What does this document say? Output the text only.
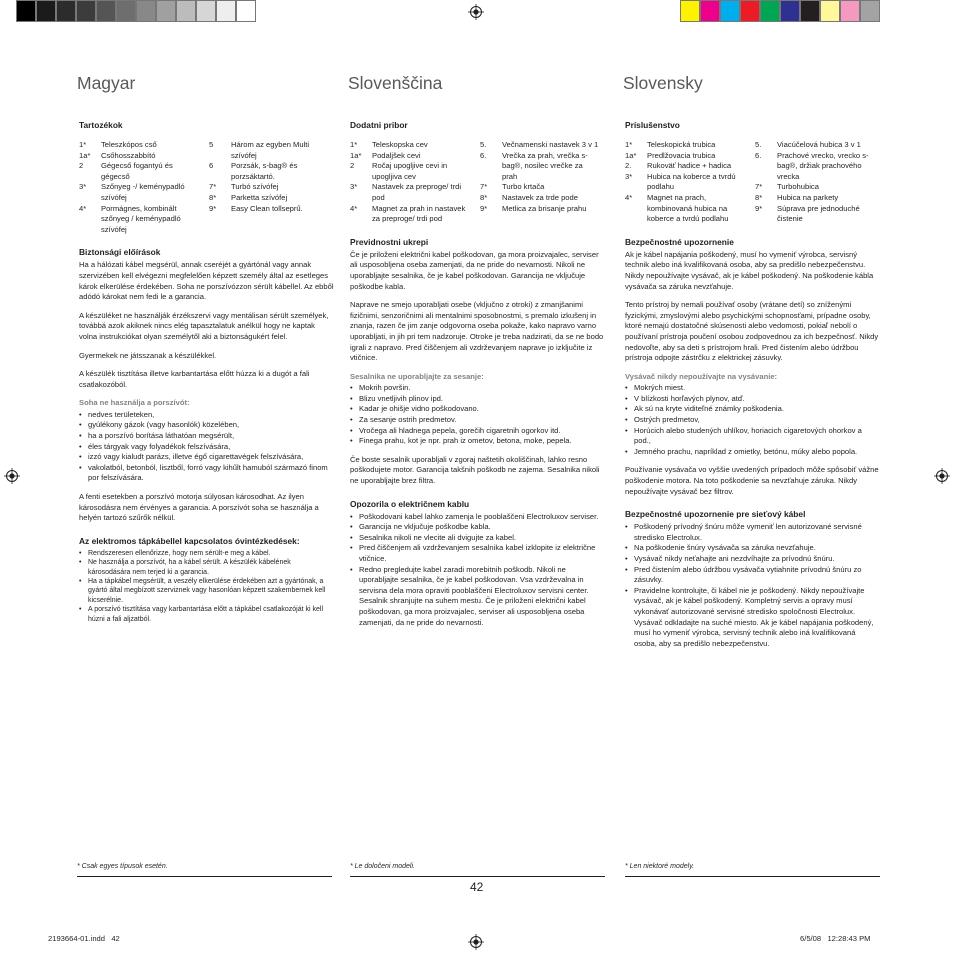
Magyar
Tartozékok
1*	Teleszkópos cső
1a*	Csőhosszabbító
2	Gégecső fogantyú és gégecső
3*	Szőnyeg -/ keménypadló szívófej
4*	Pormágnes, kombinált szőnyeg / keménypadló szívófej
5	Három az egyben Multi szívófej
6	Porzsák, s-bag® és porzsáktartó.
7*	Turbó szívófej
8*	Parketta szívófej
9*	Easy Clean tollseprű.
Biztonsági előírások

Ha a hálózati kábel megsérül, annak cseréjét a gyártónál vagy annak szervizében kell elvégezni megfelelően képzett személy által az esetleges károk elkerülése érdekében. Soha ne porszívózzon sérült kábellel. Az ebből adódó károkat nem fedi le a garancia.

A készüléket ne használják érzékszervi vagy mentálisan sérült személyek, továbbá azok akiknek nincs elég tapasztalatuk anélkül hogy ne kaptak volna instrukciókat olyan személytől aki a biztonságukért felel.

Gyermekek ne játsszanak a készülékkel.

A készülék tisztítása illetve karbantartása előtt húzza ki a dugót a fali csatlakozóból.

Soha ne használja a porszívót:
• nedves területeken,
• gyúlékony gázok (vagy hasonlók) közelében,
• ha a porszívó borítása láthatóan megsérült,
• éles tárgyak vagy folyadékok felszívására,
• izzó vagy kialudt parázs, illetve égő cigarettavégek felszívására,
• vakolatból, betonból, lisztből, forró vagy kihűlt hamuból származó finom por felszívására.

A fenti esetekben a porszívó motorja súlyosan károsodhat. Az ilyen károsodásra nem érvényes a garancia. A porszívót soha se használja a helyén tartozó szűrők nélkül.

Az elektromos tápkábellel kapcsolatos óvintézkedések:
• Rendszeresen ellenőrizze, hogy nem sérült-e meg a kábel.
• Ne használja a porszívót, ha a kábel sérült. A készülék kábelének károsodására nem terjed ki a garancia.
• Ha a tápkábel megsérült, a veszély elkerülése érdekében azt a gyártónak, a gyártó által megbízott szerviznek vagy hasonlóan képzett szakembernek kell kicserélnie.
• A porszívó tisztítása vagy karbantartása előtt a tápkábel csatlakozóját ki kell húzni a fali aljzatból.
Slovenščina
Dodatni pribor
1*	Teleskopska cev
1a*	Podaljšek cevi
2	Ročaj upogljive cevi in upogljiva cev
3*	Nastavek za preproge/ trdi pod
4*	Magnet za prah in nastavek za preproge/ trdi pod
5.	Večnamenski nastavek 3 v 1
6.	Vrečka za prah, vrečka s-bag®, nosilec vrečke za prah
7*	Turbo krtača
8*	Nastavek za trde pode
9*	Metlica za brisanje prahu
Previdnostni ukrepi

Če je priloženi električni kabel poškodovan, ga mora proizvajalec, serviser ali usposobljena oseba zamenjati, da ne pride do nevarnosti. Nikoli ne uporabljajte sesalnika, če je kabel poškodovan. Garancija ne vključuje poškodbe kabla.

Naprave ne smejo uporabljati osebe (vključno z otroki) z zmanjšanimi fizičnimi, senzoričnimi ali mentalnimi sposobnostmi, s premalo izkušenj in znanja, razen če jim zanje odgovorna oseba pokaže, kako napravo varno uporabljati, in jih pri tem nadzoruje. Otroke je treba nadzirati, da se ne bodo igrali z napravo. Pred čiščenjem ali vzdrževanjem naprave jo izključite iz vtičnice.

Sesalnika ne uporabljajte za sesanje:
• Mokrih površin.
• Blizu vnetljivih plinov ipd.
• Kadar je ohišje vidno poškodovano.
• Za sesanje ostrih predmetov.
• Vročega ali hladnega pepela, gorečih cigaretnih ogorkov itd.
• Finega prahu, kot je npr. prah iz ometov, betona, moke, pepela.

Če boste sesalnik uporabljali v zgoraj naštetih okoliščinah, lahko resno poškodujete motor. Garancija takšnih poškodb ne zajema. Sesalnika nikoli ne uporabljajte brez filtra.

Opozorila o električnem kablu
• Poškodovani kabel lahko zamenja le pooblaščeni Electroluxov serviser.
• Garancija ne vključuje poškodbe kabla.
• Sesalnika nikoli ne vlecite ali dvigujte za kabel.
• Pred čiščenjem ali vzdrževanjem sesalnika kabel izklopite iz električne vtičnice.
• Redno pregledujte kabel zaradi morebitnih poškodb. Nikoli ne uporabljajte sesalnika, če je kabel poškodovan. Vsa vzdrževalna in servisna dela mora opraviti pooblaščeni Electroluxov servisni center. Sesalnik shranjujte na suhem mestu. Če je priloženi električni kabel poškodovan, ga mora proizvajalec, serviser ali usposobljena oseba zamenjati, da ne pride do nevarnosti.
Slovensky
Príslušenstvo
1*	Teleskopická trubica
1a*	Predlžovacia trubica
2.	Rukoväť hadice + hadica
3*	Hubica na koberce a tvrdú podlahu
4*	Magnet na prach, kombinovaná hubica na koberce a tvrdú podlahu
5.	Viacúčelová hubica 3 v 1
6.	Prachové vrecko, vrecko s-bag®, držiak prachového vrecka
7*	Turbohubica
8*	Hubica na parkety
9*	Súprava pre jednoduché čistenie
Bezpečnostné upozornenie

Ak je kábel napájania poškodený, musí ho vymeniť výrobca, servisný technik alebo iná kvalifikovaná osoba, aby sa predišlo nebezpečenstvu. Nikdy nepoužívajte vysávač, ak je kábel poškodený. Na poškodenie kábla vysávača sa záruka nevzťahuje.

Tento prístroj by nemali používať osoby (vrátane detí) so zníženými fyzickými, zmyslovými alebo psychickými schopnosťami, prípadne osoby, ktoré nemajú dostatočné skúsenosti alebo vedomosti, pokiaľ nebolí o používaní prístroja poučení osobou zodpovednou za ich bezpečnosť. Nikdy nedovoľte, aby sa deti s prístrojom hrali. Pred čistením alebo údržbou prístroja odpojte zástrčku z elektrickej zásuvky.

Vysávač nikdy nepoužívajte na vysávanie:
• Mokrých miest.
• V blízkosti horľavých plynov, atď.
• Ak sú na kryte viditeľné známky poškodenia.
• Ostrých predmetov,
• Horúcich alebo studených uhlíkov, horiacich cigaretových ohorkov a pod.,
• Jemného prachu, napríklad z omietky, betónu, múky alebo popola.

Používanie vysávača vo vyššie uvedených prípadoch môže spôsobiť vážne poškodenie motora. Na toto poškodenie sa nevzťahuje záruka. Nikdy nepoužívajte vysávač bez filtrov.

Bezpečnostné upozornenie pre sieťový kábel
• Poškodený prívodný šnúru môže vymeniť len autorizované servisné stredisko Electrolux.
• Na poškodenie šnúry vysávača sa záruka nevzťahuje.
• Vysávač nikdy neťahajte ani nezdvíhajte za prívodnú šnúru.
• Pred čistením alebo údržbou vysávača vytiahnite prívodnú šnúru zo zásuvky.
• Pravidelne kontrolujte, či kábel nie je poškodený. Nikdy nepoužívajte vysávač, ak je kábel poškodený. Kompletný servis a opravy musí vykonávať autorizované servisné stredisko spoločnosti Electrolux. Vysávač odkladajte na suché miesto. Ak je kábel napájania poškodený, musí ho vymeniť výrobca, servisný technik alebo iná kvalifikovaná osoba, aby sa predišlo nebezpečenstvu.
* Csak egyes típusok esetén.	* Le določeni modeli.	* Len niektoré modely.
42
2193664-01.indd   42	6/5/08   12:28:43 PM
